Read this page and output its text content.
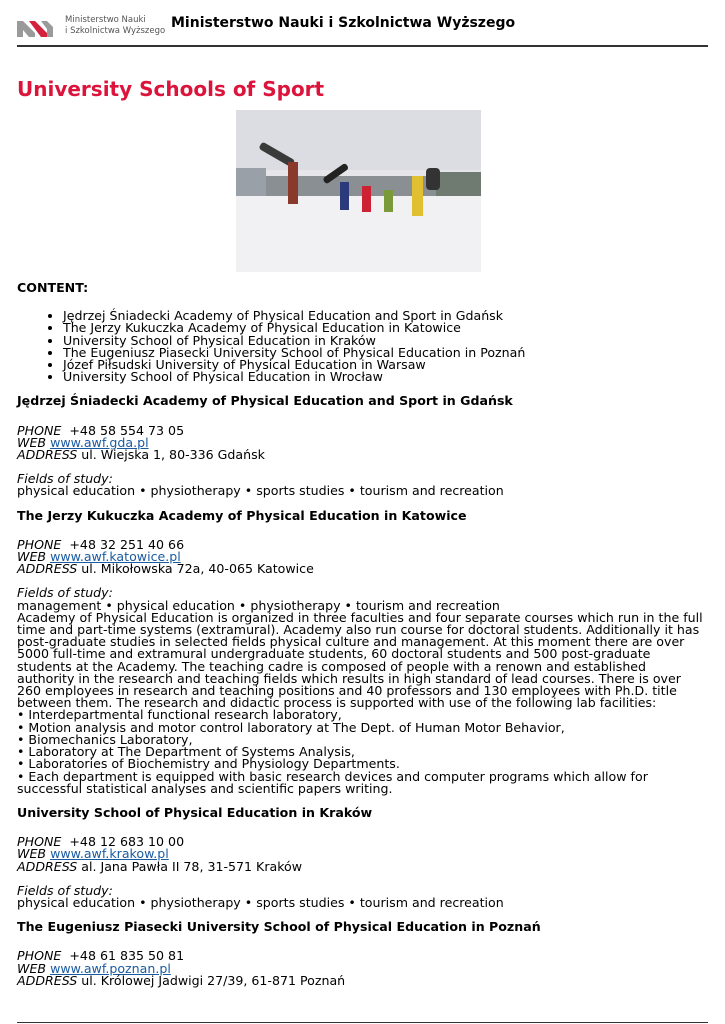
Ministerstwo Nauki
i Szkolnictwa Wyższego Ministerstwo Nauki i Szkolnictwa Wyższego
University Schools of Sport

CONTENT:

• Jędrzej Śniadecki Academy of Physical Education and Sport in Gdańsk
• The Jerzy Kukuczka Academy of Physical Education in Katowice
• University School of Physical Education in Kraków
• The Eugeniusz Piasecki University School of Physical Education in Poznań
• Józef Piłsudski University of Physical Education in Warsaw
• University School of Physical Education in Wrocław

Jędrzej Śniadecki Academy of Physical Education and Sport in Gdańsk

PHONE +48 58 554 73 05

WEB www.awf.gda.pl

ADDRESS ul. Wiejska 1, 80-336 Gdańsk

Fields of study:

physical education • physiotherapy • sports studies • tourism and recreation

The Jerzy Kukuczka Academy of Physical Education in Katowice

PHONE +48 32 251 40 66

WEB www.awf.katowice.pl

ADDRESS ul. Mikołowska 72a, 40-065 Katowice

Fields of study:

management • physical education • physiotherapy • tourism and recreation

Academy of Physical Education is organized in three faculties and four separate courses which run in the full time and part-time systems (extramural). Academy also run course for doctoral students. Additionally it has post-graduate studies in selected fields physical culture and management. At this moment there are over 5000 full-time and extramural undergraduate students, 60 doctoral students and 500 post-graduate students at the Academy. The teaching cadre is composed of people with a renown and established authority in the research and teaching fields which results in high standard of lead courses. There is over 260 employees in research and teaching positions and 40 professors and 130 employees with Ph.D. title between them. The research and didactic process is supported with use of the following lab facilities:

• Interdepartmental functional research laboratory,

• Motion analysis and motor control laboratory at The Dept. of Human Motor Behavior,

• Biomechanics Laboratory,

• Laboratory at The Department of Systems Analysis,

• Laboratories of Biochemistry and Physiology Departments.

• Each department is equipped with basic research devices and computer programs which allow for successful statistical analyses and scientific papers writing.

University School of Physical Education in Kraków

PHONE +48 12 683 10 00

WEB www.awf.krakow.pl

ADDRESS al. Jana Pawła II 78, 31-571 Kraków

Fields of study:

physical education • physiotherapy • sports studies • tourism and recreation

The Eugeniusz Piasecki University School of Physical Education in Poznań

PHONE +48 61 835 50 81

WEB www.awf.poznan.pl

ADDRESS ul. Królowej Jadwigi 27/39, 61-871 Poznań
